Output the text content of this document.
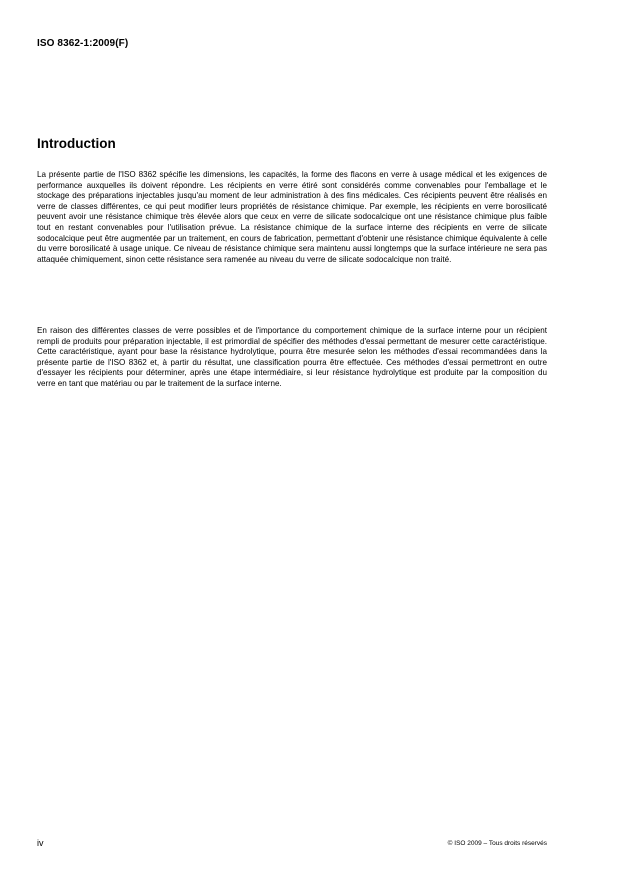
ISO 8362-1:2009(F)
Introduction

La présente partie de l'ISO 8362 spécifie les dimensions, les capacités, la forme des flacons en verre à usage médical et les exigences de performance auxquelles ils doivent répondre. Les récipients en verre étiré sont considérés comme convenables pour l'emballage et le stockage des préparations injectables jusqu'au moment de leur administration à des fins médicales. Ces récipients peuvent être réalisés en verre de classes différentes, ce qui peut modifier leurs propriétés de résistance chimique. Par exemple, les récipients en verre borosilicaté peuvent avoir une résistance chimique très élevée alors que ceux en verre de silicate sodocalcique ont une résistance chimique plus faible tout en restant convenables pour l'utilisation prévue. La résistance chimique de la surface interne des récipients en verre de silicate sodocalcique peut être augmentée par un traitement, en cours de fabrication, permettant d'obtenir une résistance chimique équivalente à celle du verre borosilicaté à usage unique. Ce niveau de résistance chimique sera maintenu aussi longtemps que la surface intérieure ne sera pas attaquée chimiquement, sinon cette résistance sera ramenée au niveau du verre de silicate sodocalcique non traité.

En raison des différentes classes de verre possibles et de l'importance du comportement chimique de la surface interne pour un récipient rempli de produits pour préparation injectable, il est primordial de spécifier des méthodes d'essai permettant de mesurer cette caractéristique. Cette caractéristique, ayant pour base la résistance hydrolytique, pourra être mesurée selon les méthodes d'essai recommandées dans la présente partie de l'ISO 8362 et, à partir du résultat, une classification pourra être effectuée. Ces méthodes d'essai permettront en outre d'essayer les récipients pour déterminer, après une étape intermédiaire, si leur résistance hydrolytique est produite par la composition du verre en tant que matériau ou par le traitement de la surface interne.

iv	© ISO 2009 – Tous droits réservés
